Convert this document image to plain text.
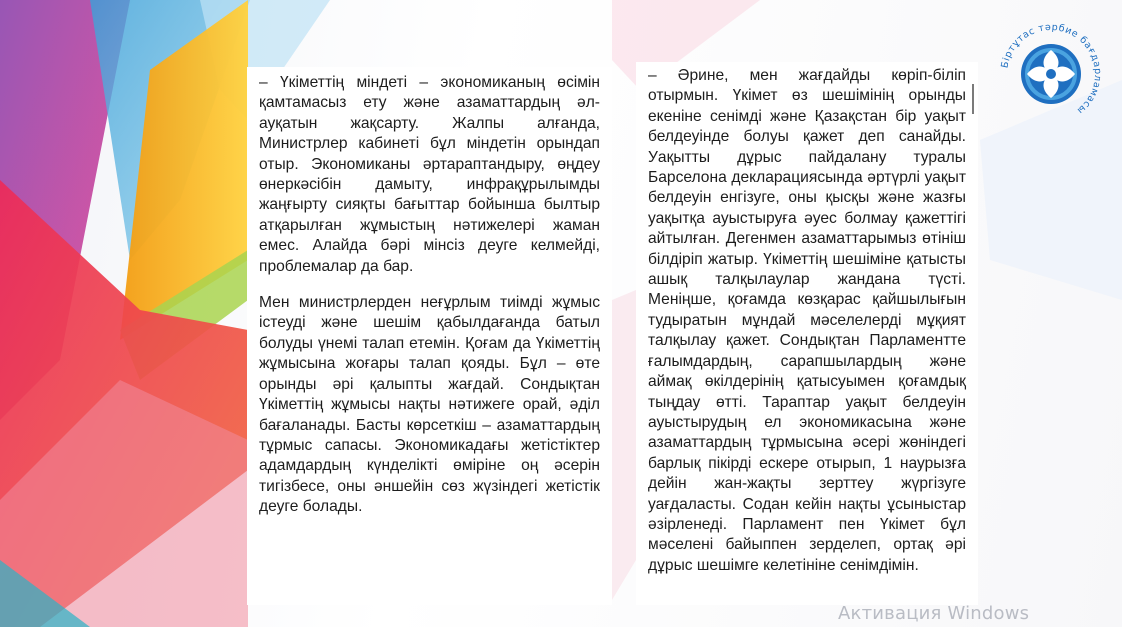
– Үкіметтің міндеті – экономиканың өсімін қамтамасыз ету және азаматтардың әл-ауқатын жақсарту. Жалпы алғанда, Министрлер кабинеті бұл міндетін орындап отыр. Экономиканы әртараптандыру, өңдеу өнеркәсібін дамыту, инфрақұрылымды жаңғырту сияқты бағыттар бойынша былтыр атқарылған жұмыстың нәтижелері жаман емес. Алайда бәрі мінсіз деуге келмейді, проблемалар да бар.

Мен министрлерден неғұрлым тиімді жұмыс істеуді және шешім қабылдағанда батыл болуды үнемі талап етемін. Қоғам да Үкіметтің жұмысына жоғары талап қояды. Бұл – өте орынды әрі қалыпты жағдай. Сондықтан Үкіметтің жұмысы нақты нәтижеге орай, әділ бағаланады. Басты көрсеткіш – азаматтардың тұрмыс сапасы. Экономикадағы жетістіктер адамдардың күнделікті өміріне оң әсерін тигізбесе, оны әншейін сөз жүзіндегі жетістік деуге болады.

– Әрине, мен жағдайды көріп-біліп отырмын. Үкімет өз шешімінің орынды екеніне сенімді және Қазақстан бір уақыт белдеуінде болуы қажет деп санайды. Уақытты дұрыс пайдалану туралы Барселона декларациясында әртүрлі уақыт белдеуін енгізуге, оны қысқы және жазғы уақытқа ауыстыруға әуес болмау қажеттігі айтылған. Дегенмен азаматтарымыз өтініш білдіріп жатыр. Үкіметтің шешіміне қатысты ашық талқылаулар жандана түсті. Меніңше, қоғамда көзқарас қайшылығын тудыратын мұндай мәселелерді мұқият талқылау қажет. Сондықтан Парламентте ғалымдардың, сарапшылардың және аймақ өкілдерінің қатысуымен қоғамдық тыңдау өтті. Тараптар уақыт белдеуін ауыстырудың ел экономикасына және азаматтардың тұрмысына әсері жөніндегі барлық пікірді ескере отырып, 1 наурызға дейін жан-жақты зерттеу жүргізуге уағдаласты. Содан кейін нақты ұсыныстар әзірленеді. Парламент пен Үкімет бұл мәселені байыппен зерделеп, ортақ әрі дұрыс шешімге келетініне сенімдімін.

Біртұтас тәрбие бағдарламасы
Активация Windows
